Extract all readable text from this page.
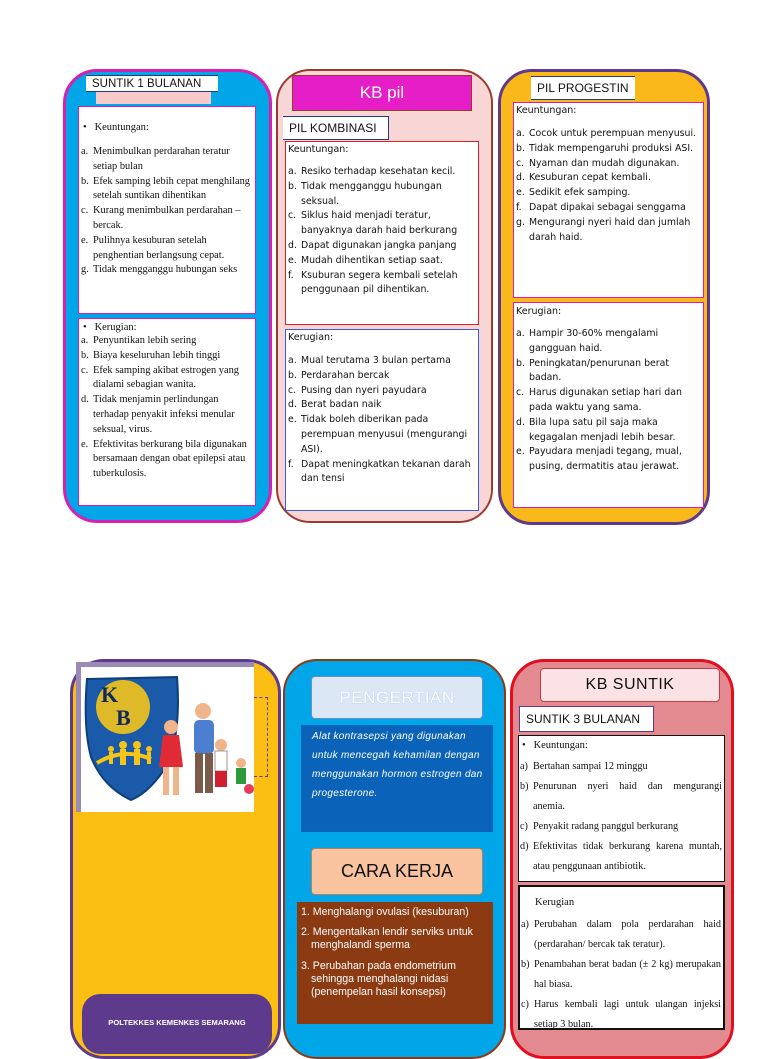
SUNTIK 1 BULANAN
•   Keuntungan:
a. Menimbulkan perdarahan teratur setiap bulan
b. Efek samping lebih cepat menghilang setelah suntikan dihentikan
c. Kurang menimbulkan perdarahan – bercak.
e. Pulihnya kesuburan setelah penghentian berlangsung cepat.
g. Tidak mengganggu hubungan seks
•   Kerugian:
a. Penyuntikan lebih sering
b. Biaya keseluruhan lebih tinggi
c. Efek samping akibat estrogen yang dialami sebagian wanita.
d. Tidak menjamin perlindungan terhadap penyakit infeksi menular seksual, virus.
e. Efektivitas berkurang bila digunakan bersamaan dengan obat epilepsi atau tuberkulosis.
KB pil
PIL KOMBINASI
Keuntungan:
a. Resiko terhadap kesehatan kecil.
b. Tidak mengganggu hubungan seksual.
c. Siklus haid menjadi teratur, banyaknya darah haid berkurang
d. Dapat digunakan jangka panjang
e. Mudah dihentikan setiap saat.
f. Ksuburan segera kembali setelah penggunaan pil dihentikan.
Kerugian:
a. Mual terutama 3 bulan pertama
b. Perdarahan bercak
c. Pusing dan nyeri payudara
d. Berat badan naik
e. Tidak boleh diberikan pada perempuan menyusui (mengurangi ASI).
f. Dapat meningkatkan tekanan darah dan tensi
PIL PROGESTIN
Keuntungan:
a. Cocok untuk perempuan menyusui.
b. Tidak mempengaruhi produksi ASI.
c. Nyaman dan mudah digunakan.
d. Kesuburan cepat kembali.
e. Sedikit efek samping.
f. Dapat dipakai sebagai senggama
g. Mengurangi nyeri haid dan jumlah darah haid.
Kerugian:
a. Hampir 30-60% mengalami gangguan haid.
b. Peningkatan/penurunan berat badan.
c. Harus digunakan setiap hari dan pada waktu yang sama.
d. Bila lupa satu pil saja maka kegagalan menjadi lebih besar.
e. Payudara menjadi tegang, mual, pusing, dermatitis atau jerawat.
K
B
POLTEKKES KEMENKES SEMARANG
PENGERTIAN
Alat kontrasepsi yang digunakan untuk mencegah kehamilan dengan menggunakan hormon estrogen dan progesterone.
CARA KERJA
1. Menghalangi ovulasi (kesuburan)
2. Mengentalkan lendir serviks untuk menghalandi sperma
3. Perubahan pada endometrium sehingga menghalangi nidasi (penempelan hasil konsepsi)
KB SUNTIK
SUNTIK 3 BULANAN
•   Keuntungan:
a) Bertahan sampai 12 minggu
b) Penurunan nyeri haid dan mengurangi anemia.
c) Penyakit radang panggul berkurang
d) Efektivitas tidak berkurang karena muntah, atau penggunaan antibiotik.
Kerugian
a) Perubahan dalam pola perdarahan haid (perdarahan/ bercak tak teratur).
b) Penambahan berat badan (± 2 kg) merupakan hal biasa.
c) Harus kembali lagi untuk ulangan injeksi setiap 3 bulan.
